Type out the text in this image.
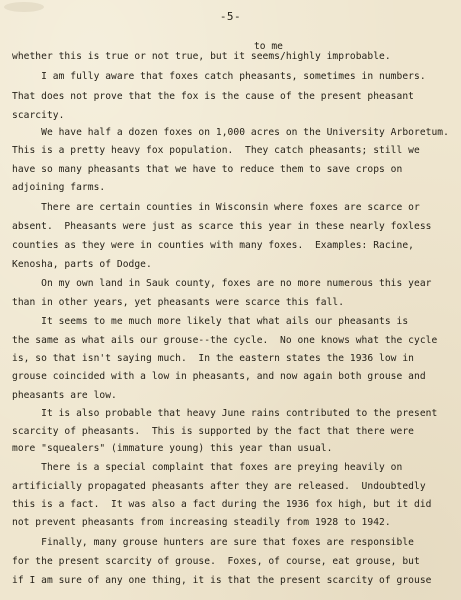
-5-
to me
whether this is true or not true, but it seems/highly improbable.
I am fully aware that foxes catch pheasants, sometimes in numbers.
That does not prove that the fox is the cause of the present pheasant
scarcity.
We have half a dozen foxes on 1,000 acres on the University Arboretum.
This is a pretty heavy fox population.  They catch pheasants; still we
have so many pheasants that we have to reduce them to save crops on
adjoining farms.
There are certain counties in Wisconsin where foxes are scarce or
absent.  Pheasants were just as scarce this year in these nearly foxless
counties as they were in counties with many foxes.  Examples: Racine,
Kenosha, parts of Dodge.
On my own land in Sauk county, foxes are no more numerous this year
than in other years, yet pheasants were scarce this fall.
It seems to me much more likely that what ails our pheasants is
the same as what ails our grouse--the cycle.  No one knows what the cycle
is, so that isn't saying much.  In the eastern states the 1936 low in
grouse coincided with a low in pheasants, and now again both grouse and
pheasants are low.
It is also probable that heavy June rains contributed to the present
scarcity of pheasants.  This is supported by the fact that there were
more "squealers" (immature young) this year than usual.
There is a special complaint that foxes are preying heavily on
artificially propagated pheasants after they are released.  Undoubtedly
this is a fact.  It was also a fact during the 1936 fox high, but it did
not prevent pheasants from increasing steadily from 1928 to 1942.
Finally, many grouse hunters are sure that foxes are responsible
for the present scarcity of grouse.  Foxes, of course, eat grouse, but
if I am sure of any one thing, it is that the present scarcity of grouse
